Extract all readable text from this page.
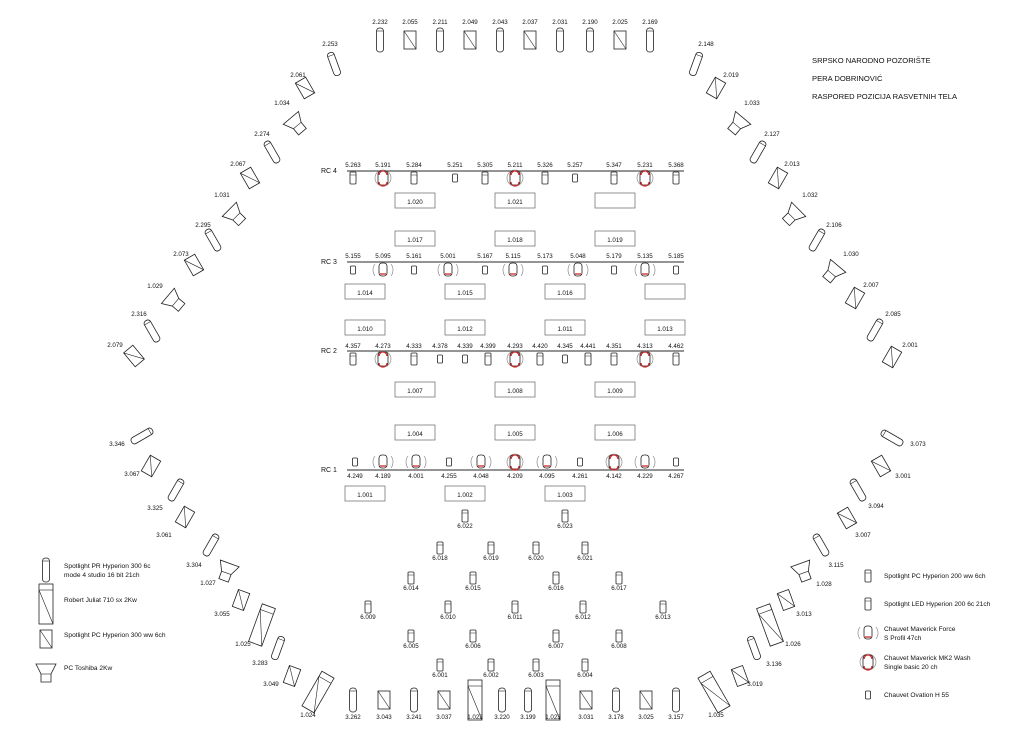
SRPSKO NARODNO POZORIŠTE
PERA DOBRINOVIĆ
RASPORED POZICIJA RASVETNIH TELA
2.232 2.055 2.211 2.049 2.043 2.037 2.031 2.190 2.025 2.169
2.253
2.061
1.034
2.274
2.067
1.031
2.295
2.073
1.029
2.316
2.079
2.148
2.019
1.033
2.127
2.013
1.032
2.106
1.030
2.007
2.085
2.001
RC 4
RC 3
RC 2
RC 1
5.263 5.191	5.284	5.251 5.305 5.211 5.326 5.257	5.347	5.231	5.368
5.155 5.095	5.161	5.001	5.167 5.115	5.173	5.048	5.179	5.135	5.185
4.357 4.273	4.333 4.378 4.339 4.399 4.293 4.420 4.345 4.441 4.351	4.313	4.462
4.249 4.189	4.001	4.255	4.048	4.209	4.095	4.261	4.142	4.229	4.267
1.020	1.021
1.017	1.018	1.019
1.014	1.015	1.016
1.010	1.012	1.011	1.013
1.007	1.008	1.009
1.004	1.005	1.006
1.001	1.002	1.003
6.022	6.023
6.018	6.019	6.020	6.021
6.014	6.015	6.016	6.017
6.009	6.010	6.011	6.012	6.013
6.005	6.006	6.007	6.008
6.001	6.002	6.003	6.004
3.346
3.067
3.325
3.061
3.304
1.027
3.055
1.025
3.283
3.049
1.024
3.073
3.001
3.094
3.007
3.115
1.028
3.013
1.026
3.136
3.019
1.035
3.262	3.043 3.241 3.037	1.022 3.220 3.199 1.023	3.031 3.178 3.025 3.157
Spotlight PR Hyperion 300 6c
mode 4 studio 16 bit 21ch
Robert Juliat 710 sx 2Kw
Spotlight PC Hyperion 300 ww 6ch
PC Toshiba 2Kw
Spotlight PC Hyperion 200 ww 6ch
Spotlight LED Hyperion 200 6c 21ch
Chauvet Maverick Force
S Profil 47ch
Chauvet Maverick MK2 Wash
Single basic 20 ch
Chauvet Ovation H 55
